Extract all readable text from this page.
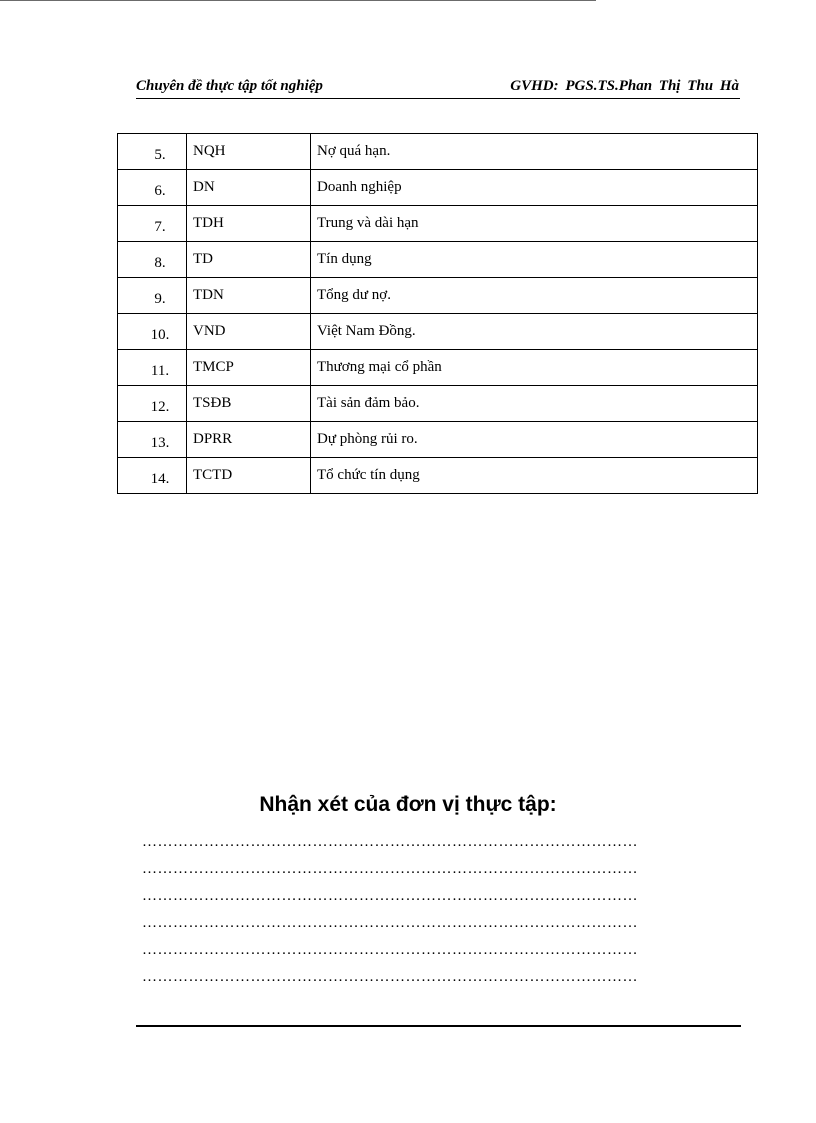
Chuyên đề thực tập tốt nghiệp	GVHD: PGS.TS.Phan Thị Thu Hà
5.	NQH	Nợ quá hạn.
6.	DN	Doanh nghiệp
7.	TDH	Trung và dài hạn
8.	TD	Tín dụng
9.	TDN	Tổng dư nợ.
10.	VND	Việt Nam Đồng.
11.	TMCP	Thương mại cổ phần
12.	TSĐB	Tài sản đảm bảo.
13.	DPRR	Dự phòng rủi ro.
14.	TCTD	Tổ chức tín dụng
Nhận xét của đơn vị thực tập:
……………………………………………………………………………………
……………………………………………………………………………………
……………………………………………………………………………………
……………………………………………………………………………………
……………………………………………………………………………………
……………………………………………………………………………………
